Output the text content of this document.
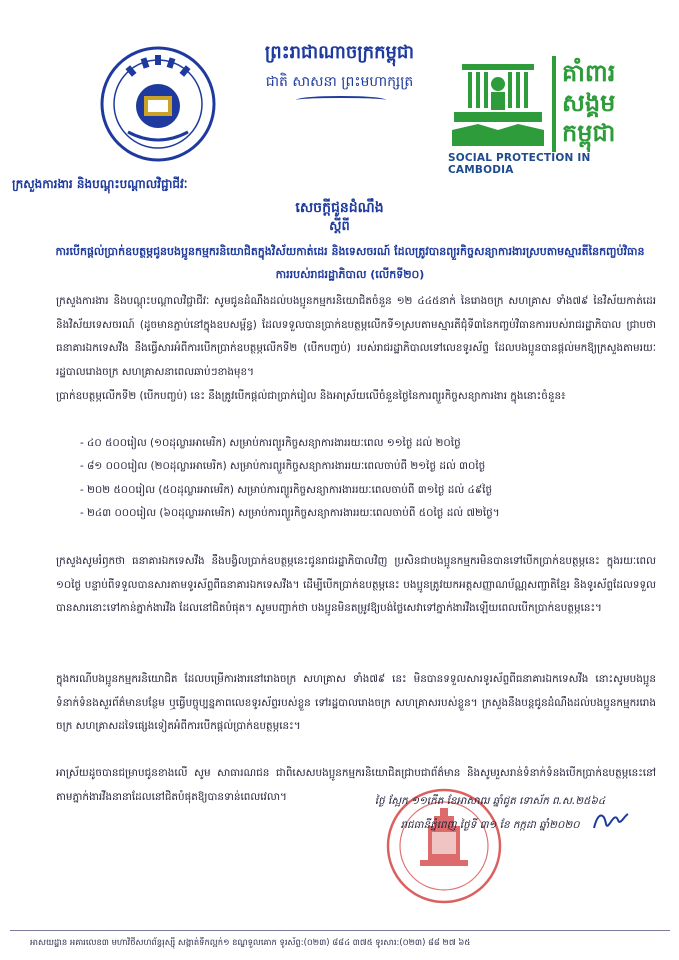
ព្រះរាជាណាចក្រកម្ពុជា
ជាតិ សាសនា ព្រះមហាក្សត្រ	គាំពារ
សង្គម
កម្ពុជា
SOCIAL PROTECTION IN CAMBODIA
ក្រសួងការងារ និងបណ្តុះបណ្តាលវិជ្ជាជីវៈ
សេចក្តីជូនដំណឹង
ស្តីពី
ការបើកផ្តល់ប្រាក់ឧបត្ថម្ភជូនបងប្អូនកម្មករនិយោជិតក្នុងវិស័យកាត់ដេរ និងទេសចរណ៍ ដែលត្រូវបានព្យួរកិច្ចសន្យាការងារស្របតាមស្មារតីនៃកញ្ចប់វិធានការរបស់រាជរដ្ឋាភិបាល (លើកទី២០)
ក្រសួងការងារ និងបណ្តុះបណ្តាលវិជ្ជាជីវៈ សូមជូនដំណឹងដល់បងប្អូនកម្មករនិយោជិតចំនួន ១២ ៤៤៥នាក់ នៃរោងចក្រ សហគ្រាស ទាំង៧៩ នៃវិស័យកាត់ដេរ និងវិស័យទេសចរណ៍ (ដូចមានភ្ជាប់នៅក្នុងឧបសម្ព័ន្ធ) ដែលទទួលបានប្រាក់ឧបត្ថម្ភលើកទី១ស្របតាមស្មារតីជុំទី៣នៃកញ្ចប់វិធានការរបស់រាជរដ្ឋាភិបាល ជ្រាបថា ធនាគារឯកទេសវីង នឹងធ្វើសារអំពីការបើកប្រាក់ឧបត្ថម្ភលើកទី២ (បើកបញ្ចប់) របស់រាជរដ្ឋាភិបាលទៅលេខទូរស័ព្ទ ដែលបងប្អូនបានផ្តល់មកឱ្យក្រសួងតាមរយៈរដ្ឋបាលរោងចក្រ សហគ្រាសនាពេលឆាប់ៗខាងមុខ។
ប្រាក់ឧបត្ថម្ភលើកទី២ (បើកបញ្ចប់) នេះ នឹងត្រូវបើកផ្តល់ជាប្រាក់រៀល និងអាស្រ័យលើចំនួនថ្ងៃនៃការព្យួរកិច្ចសន្យាការងារ ក្នុងនោះចំនួន៖
- ៤០ ៥០០រៀល (១០ដុល្លារអាមេរិក) សម្រាប់ការព្យួរកិច្ចសន្យាការងាររយៈពេល ១១ថ្ងៃ ដល់ ២០ថ្ងៃ
- ៨១ ០០០រៀល (២០ដុល្លារអាមេរិក) សម្រាប់ការព្យួរកិច្ចសន្យាការងាររយៈពេលចាប់ពី ២១ថ្ងៃ ដល់ ៣០ថ្ងៃ
- ២០២ ៥០០រៀល (៥០ដុល្លារអាមេរិក) សម្រាប់ការព្យួរកិច្ចសន្យាការងាររយៈពេលចាប់ពី ៣១ថ្ងៃ ដល់ ៤៩ថ្ងៃ
- ២៤៣ ០០០រៀល (៦០ដុល្លារអាមេរិក) សម្រាប់ការព្យួរកិច្ចសន្យាការងាររយៈពេលចាប់ពី ៥០ថ្ងៃ ដល់ ៧២ថ្ងៃ។
ក្រសួងសូមរំឭកថា ធនាគារឯកទេសវីង នឹងបង្វិលប្រាក់ឧបត្ថម្ភនេះជូនរាជរដ្ឋាភិបាលវិញ ប្រសិនជាបងប្អូនកម្មករមិនបានទៅបើកប្រាក់ឧបត្ថម្ភនេះ ក្នុងរយៈពេល ១០ថ្ងៃ បន្ទាប់ពីទទួលបានសារតាមទូរស័ព្ទពីធនាគារឯកទេសវីង។ ដើម្បីបើកប្រាក់ឧបត្ថម្ភនេះ បងប្អូនត្រូវយកអត្តសញ្ញាណប័ណ្ណសញ្ជាតិខ្មែរ និងទូរស័ព្ទដែលទទួលបានសារនោះទៅកាន់ភ្នាក់ងារវីង ដែលនៅជិតបំផុត។ សូមបញ្ជាក់ថា បងប្អូនមិនតម្រូវឱ្យបង់ថ្លៃសេវាទៅភ្នាក់ងារវីងឡើយពេលបើកប្រាក់ឧបត្ថម្ភនេះ។
ក្នុងករណីបងប្អូនកម្មករនិយោជិត ដែលបម្រើការងារនៅរោងចក្រ សហគ្រាស ទាំង៧៩ នេះ មិនបានទទួលសារទូរស័ព្ទពីធនាគារឯកទេសវីង នោះសូមបងប្អូនទំនាក់ទំនងសួរព័ត៌មានបន្ថែម ឬធ្វើបច្ចុប្បន្នភាពលេខទូរស័ព្ទរបស់ខ្លួន ទៅរដ្ឋបាលរោងចក្រ សហគ្រាសរបស់ខ្លួន។ ក្រសួងនឹងបន្តជូនដំណឹងដល់បងប្អូនកម្មកររោងចក្រ សហគ្រាសដទៃផ្សេងទៀតអំពីការបើកផ្តល់ប្រាក់ឧបត្ថម្ភនេះ។
អាស្រ័យដូចបានជម្រាបជូនខាងលើ សូម សាធារណជន ជាពិសេសបងប្អូនកម្មករនិយោជិតជ្រាបជាព័ត៌មាន និងសូមរួសរាន់ទំនាក់ទំនងបើកប្រាក់ឧបត្ថម្ភនេះនៅតាមភ្នាក់ងារវីងនានាដែលនៅជិតបំផុតឱ្យបានទាន់ពេលវេលា។	ថ្ងៃ ស្អែក ១១កើត ខែអាសាឍ ឆ្នាំជូត ទោស័ក ព.ស.២៥៦៤
រាជធានីភ្នំពេញ ថ្ងៃទី ៣១ ខែ កក្កដា ឆ្នាំ២០២០
អាសយដ្ឋាន អគារលេខ៣ មហាវិថីសហព័ន្ធរុស្ស៊ី សង្កាត់ទឹកល្អក់១ ខណ្ឌទួលគោក ទូរស័ព្ទ:(០២៣) ៨៨៤ ៣៧៥ ទូរសារ:(០២៣) ៨៨ ២៧ ៦៥
